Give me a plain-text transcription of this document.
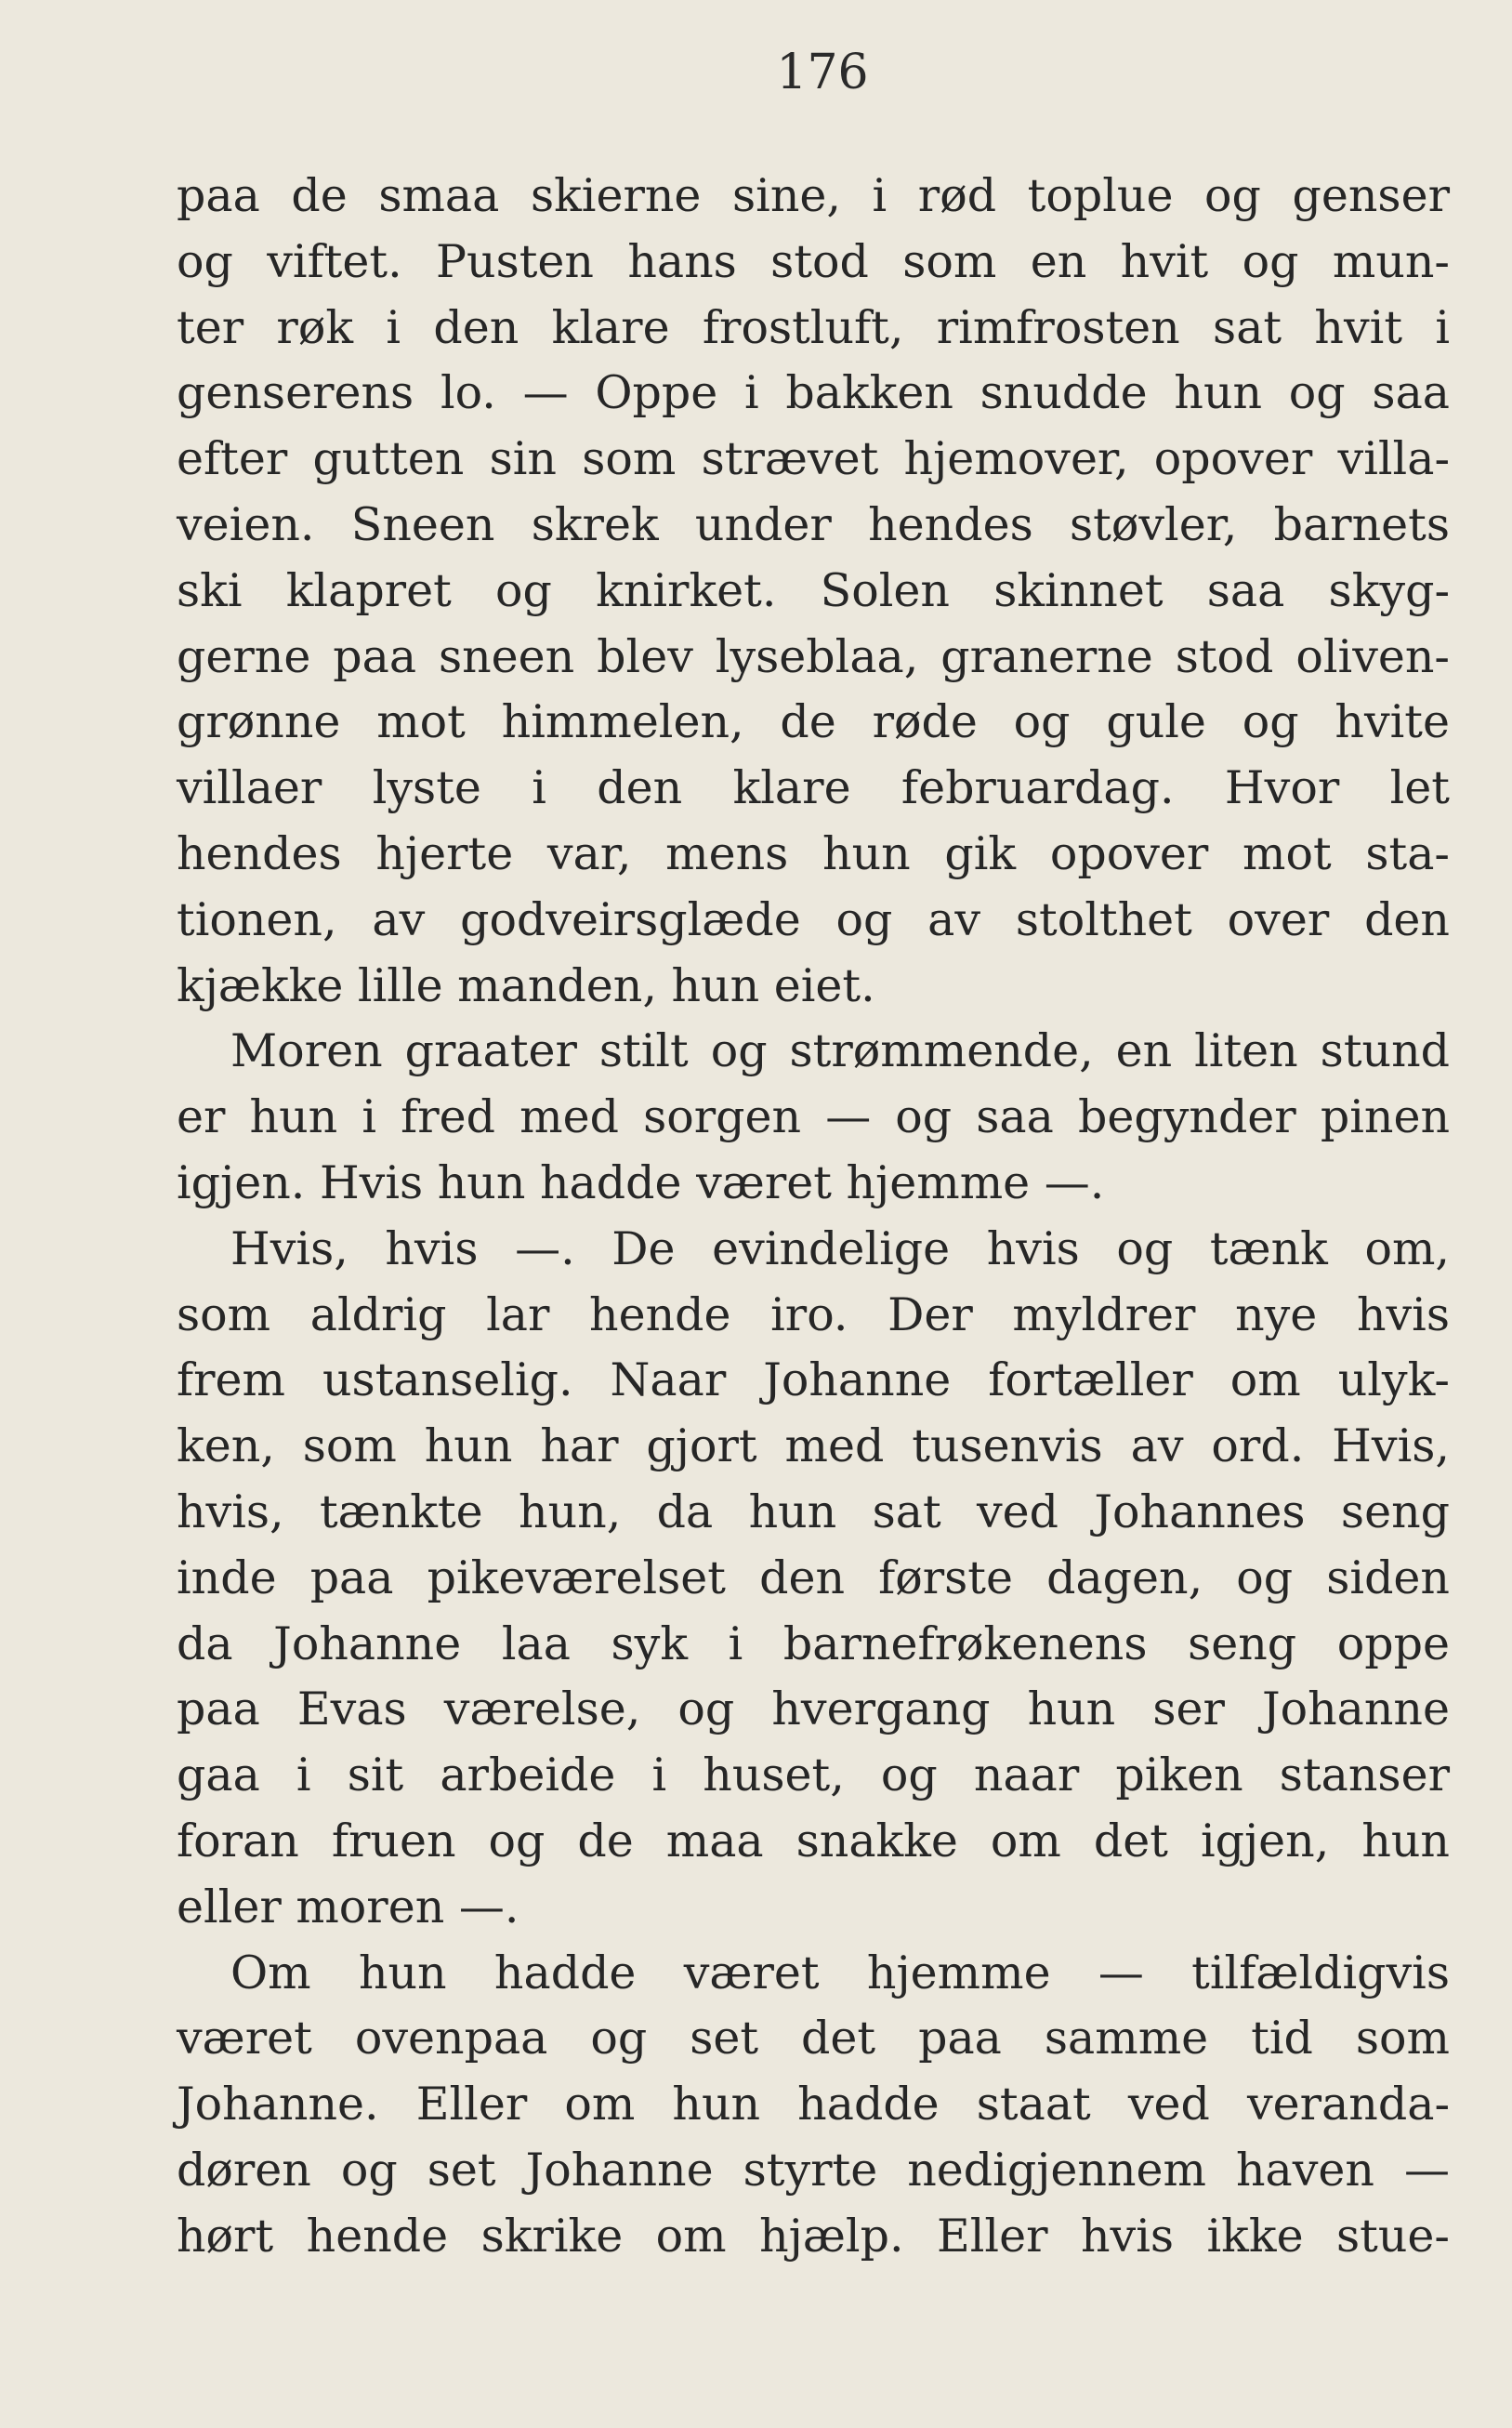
176
paa de smaa skierne sine, i rød toplue og genser
og viftet. Pusten hans stod som en hvit og mun-
ter røk i den klare frostluft, rimfrosten sat hvit i
genserens lo. — Oppe i bakken snudde hun og saa
efter gutten sin som strævet hjemover, opover villa-
veien. Sneen skrek under hendes støvler, barnets
ski klapret og knirket. Solen skinnet saa skyg-
gerne paa sneen blev lyseblaa, granerne stod oliven-
grønne mot himmelen, de røde og gule og hvite
villaer lyste i den klare februardag. Hvor let
hendes hjerte var, mens hun gik opover mot sta-
tionen, av godveirsglæde og av stolthet over den
kjække lille manden, hun eiet.
Moren graater stilt og strømmende, en liten stund
er hun i fred med sorgen — og saa begynder pinen
igjen. Hvis hun hadde været hjemme —.
Hvis, hvis —. De evindelige hvis og tænk om,
som aldrig lar hende iro. Der myldrer nye hvis
frem ustanselig. Naar Johanne fortæller om ulyk-
ken, som hun har gjort med tusenvis av ord. Hvis,
hvis, tænkte hun, da hun sat ved Johannes seng
inde paa pikeværelset den første dagen, og siden
da Johanne laa syk i barnefrøkenens seng oppe
paa Evas værelse, og hvergang hun ser Johanne
gaa i sit arbeide i huset, og naar piken stanser
foran fruen og de maa snakke om det igjen, hun
eller moren —.
Om hun hadde været hjemme — tilfældigvis
været ovenpaa og set det paa samme tid som
Johanne. Eller om hun hadde staat ved veranda-
døren og set Johanne styrte nedigjennem haven —
hørt hende skrike om hjælp. Eller hvis ikke stue-
